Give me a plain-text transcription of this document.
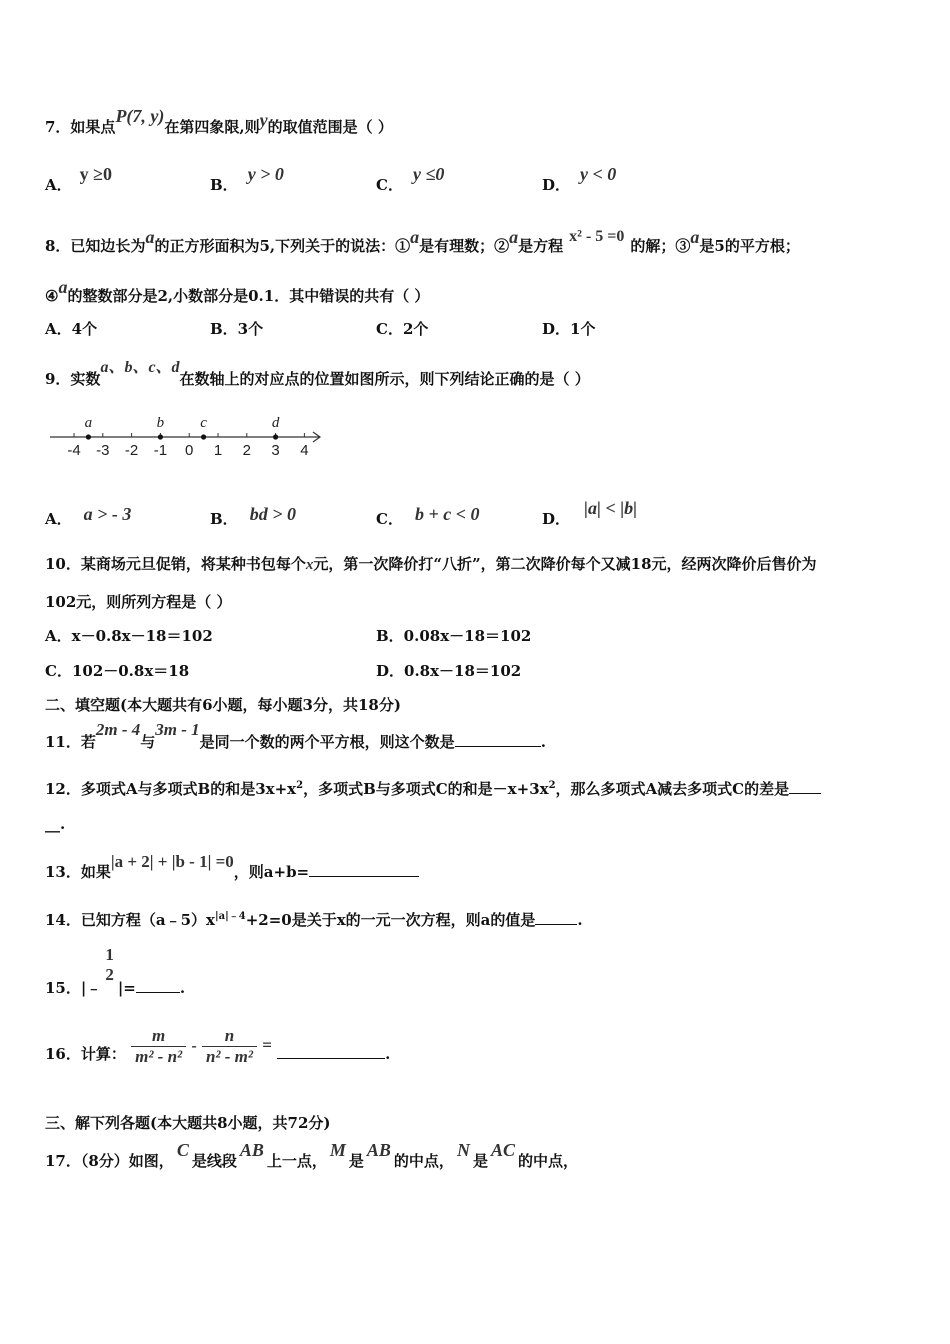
7．如果点P(7, y)在第四象限,则y的取值范围是（ ）
A．y ≥0
B．y > 0
C．y ≤0
D．y < 0
8．已知边长为a的正方形面积为5,下列关于的说法：①a是有理数；②a是方程x² - 5 =0的解；③a是5的平方根；
④a的整数部分是2,小数部分是0.1．其中错误的共有（ ）
A．4个	B．3个	C．2个	D．1个
9．实数a、b、c、d在数轴上的对应点的位置如图所示，则下列结论正确的是（ ）
-4 -3 -2 -1 0 1 2 3 4
a	b c	d
A． a > - 3	B． bd > 0	C． b + c < 0	D．|a| < |b|
10．某商场元旦促销，将某种书包每个x元，第一次降价打“八折”，第二次降价每个又减18元，经两次降价后售价为
102元，则所列方程是（ ）
A．x－0.8x－18＝102	B．0.08x－18＝102
C．102－0.8x＝18	D．0.8x－18＝102
二、填空题(本大题共有6小题，每小题3分，共18分)
11．若2m - 4与3m - 1是同一个数的两个平方根，则这个数是	.
12．多项式A与多项式B的和是$3x+x^2$，多项式B与多项式C的和是$-x+3x^2$，那么多项式A减去多项式C的差是
__.
13．如果|a + 2| + |b - 1| =0，则a+b=
14．已知方程$(a﹣5)x^{|a|﹣4}+2=0$是关于x的一元一次方程，则a的值是	.
15．|﹣
1
2
|=	.
16．计算： $\frac{m}{\text{m² - n²}} - \frac{n}{\text{n² - m²}}$ =	.
三、解下列各题(本大题共8小题，共72分)
17．（8分）如图，C是线段AB上一点，M是AB的中点，N是AC的中点，
